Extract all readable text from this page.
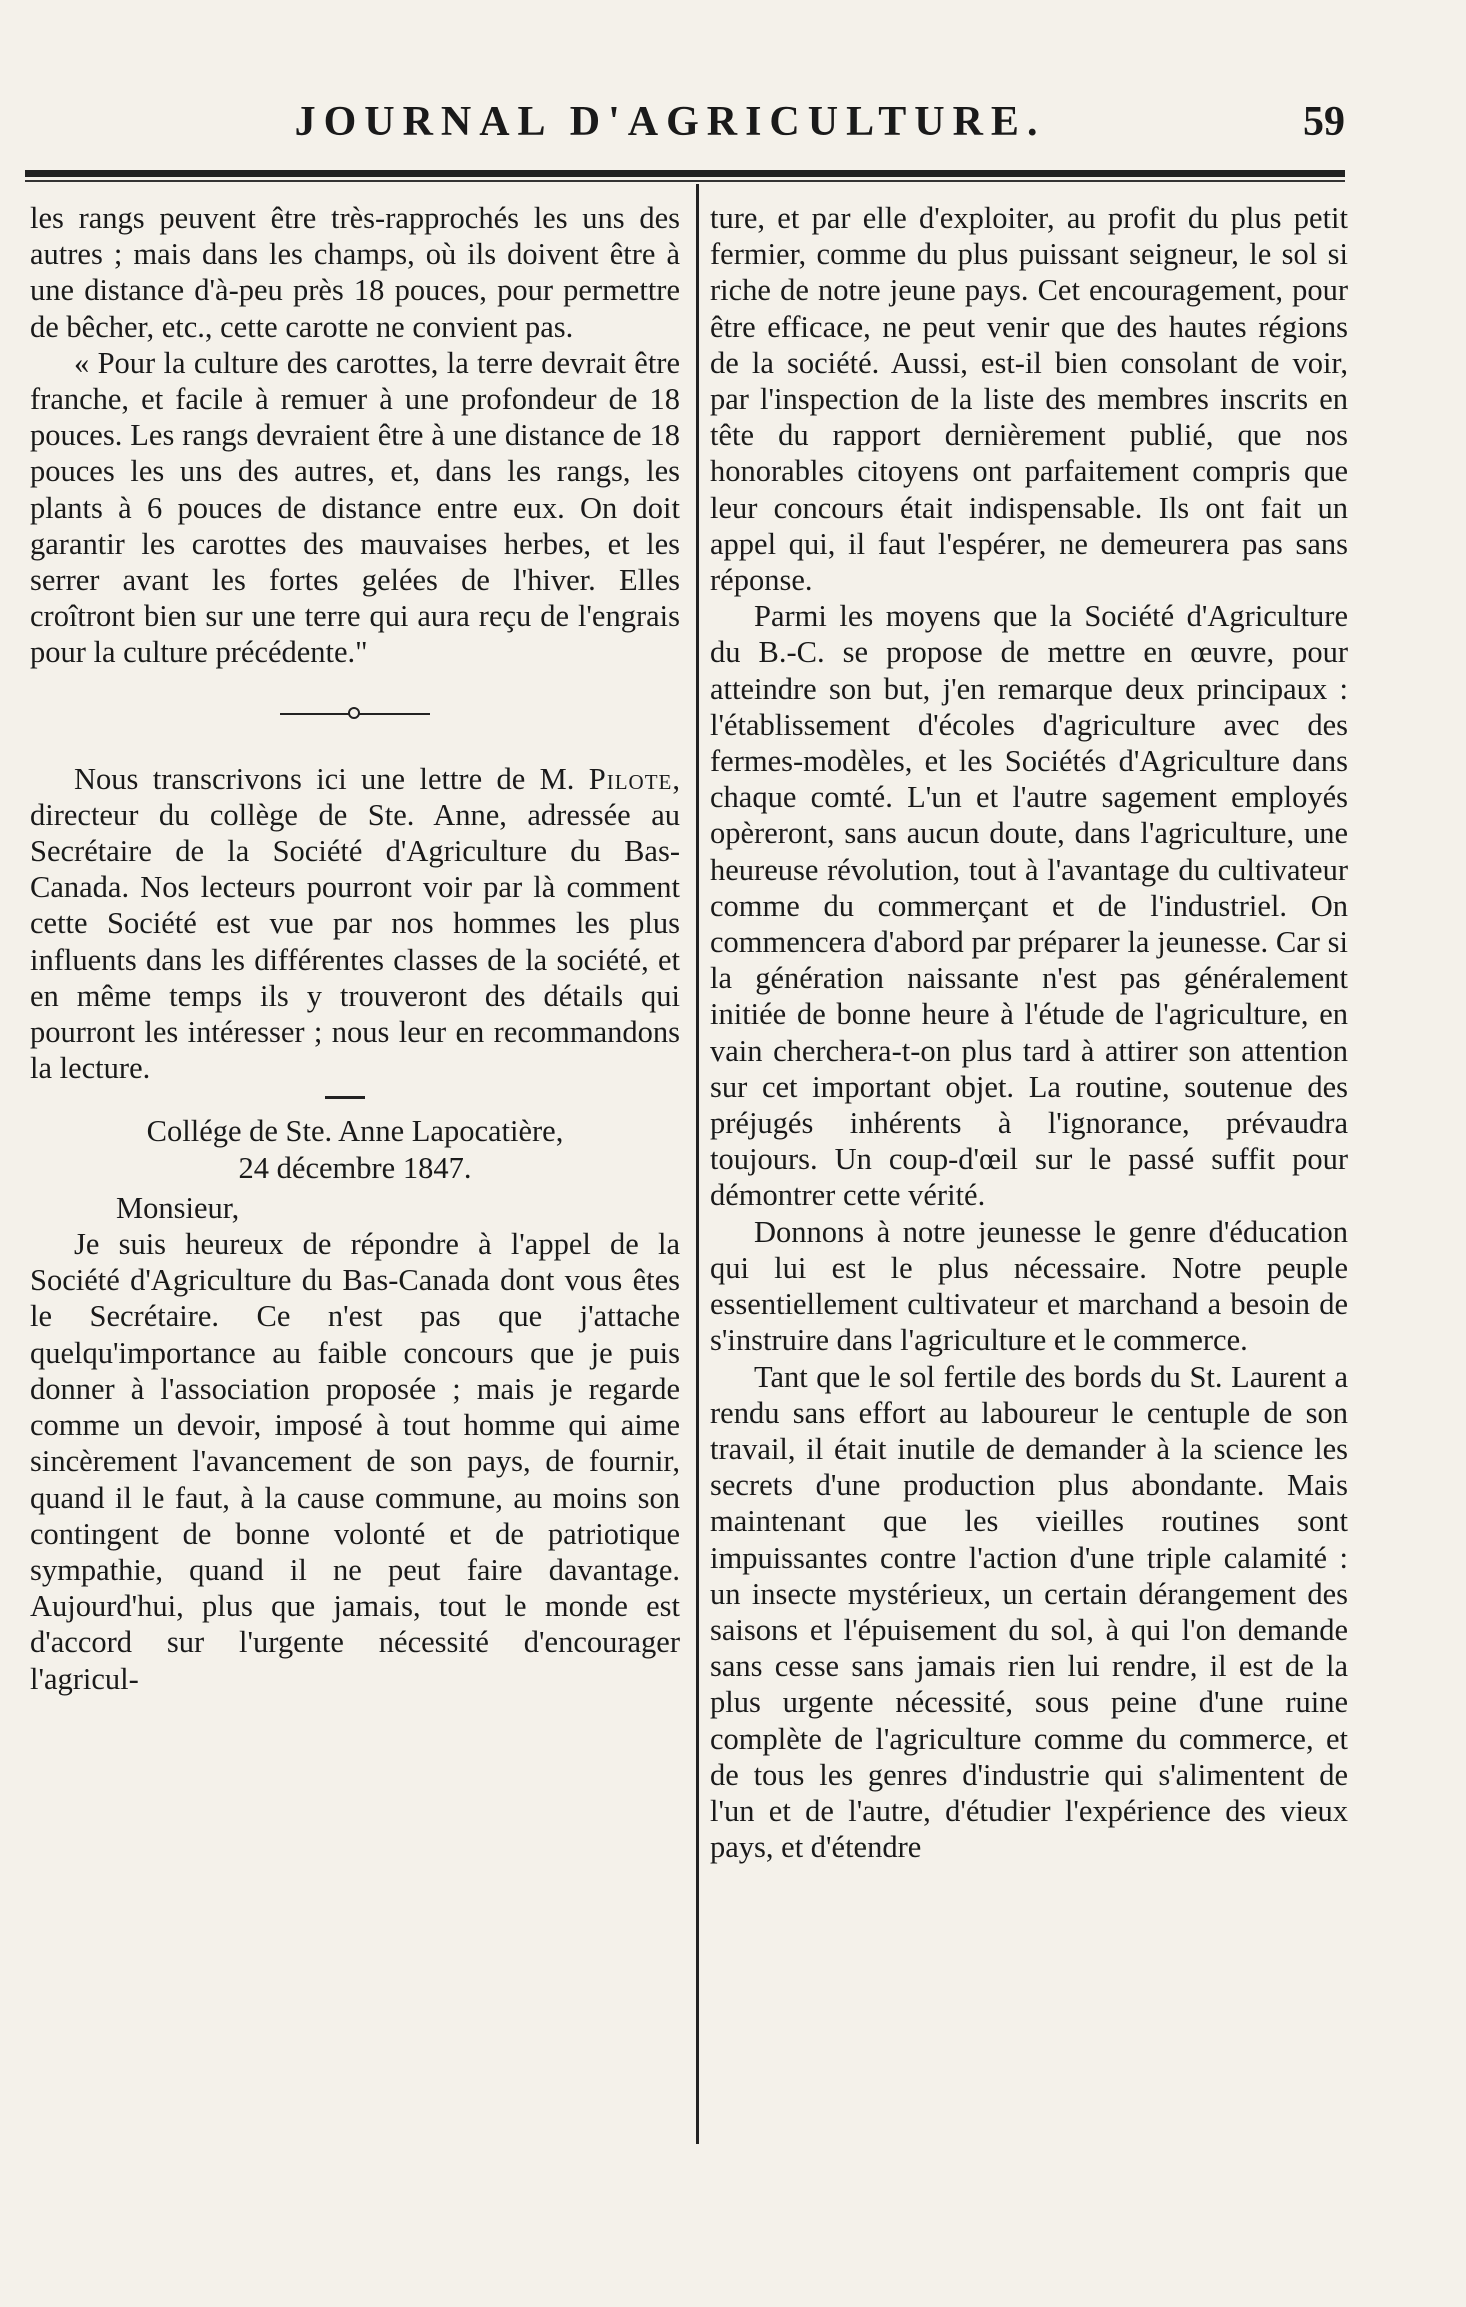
JOURNAL D'AGRICULTURE.	59

les rangs peuvent être très-rapprochés les uns des autres ; mais dans les champs, où ils doivent être à une distance d'à-peu près 18 pouces, pour permettre de bêcher, etc., cette carotte ne convient pas.

« Pour la culture des carottes, la terre devrait être franche, et facile à remuer à une profondeur de 18 pouces. Les rangs devraient être à une distance de 18 pouces les uns des autres, et, dans les rangs, les plants à 6 pouces de distance entre eux. On doit garantir les carottes des mauvaises herbes, et les serrer avant les fortes gelées de l'hiver. Elles croîtront bien sur une terre qui aura reçu de l'engrais pour la culture précédente."

Nous transcrivons ici une lettre de M. Pilote, directeur du collège de Ste. Anne, adressée au Secrétaire de la Société d'Agriculture du Bas-Canada. Nos lecteurs pourront voir par là comment cette Société est vue par nos hommes les plus influents dans les différentes classes de la société, et en même temps ils y trouveront des détails qui pourront les intéresser ; nous leur en recommandons la lecture.

Collége de Ste. Anne Lapocatière,

24 décembre 1847.

Monsieur,

Je suis heureux de répondre à l'appel de la Société d'Agriculture du Bas-Canada dont vous êtes le Secrétaire. Ce n'est pas que j'attache quelqu'importance au faible concours que je puis donner à l'association proposée ; mais je regarde comme un devoir, imposé à tout homme qui aime sincèrement l'avancement de son pays, de fournir, quand il le faut, à la cause commune, au moins son contingent de bonne volonté et de patriotique sympathie, quand il ne peut faire davantage. Aujourd'hui, plus que jamais, tout le monde est d'accord sur l'urgente nécessité d'encourager l'agricul-

ture, et par elle d'exploiter, au profit du plus petit fermier, comme du plus puissant seigneur, le sol si riche de notre jeune pays. Cet encouragement, pour être efficace, ne peut venir que des hautes régions de la société. Aussi, est-il bien consolant de voir, par l'inspection de la liste des membres inscrits en tête du rapport dernièrement publié, que nos honorables citoyens ont parfaitement compris que leur concours était indispensable. Ils ont fait un appel qui, il faut l'espérer, ne demeurera pas sans réponse.

Parmi les moyens que la Société d'Agriculture du B.-C. se propose de mettre en œuvre, pour atteindre son but, j'en remarque deux principaux : l'établissement d'écoles d'agriculture avec des fermes-modèles, et les Sociétés d'Agriculture dans chaque comté. L'un et l'autre sagement employés opèreront, sans aucun doute, dans l'agriculture, une heureuse révolution, tout à l'avantage du cultivateur comme du commerçant et de l'industriel. On commencera d'abord par préparer la jeunesse. Car si la génération naissante n'est pas généralement initiée de bonne heure à l'étude de l'agriculture, en vain cherchera-t-on plus tard à attirer son attention sur cet important objet. La routine, soutenue des préjugés inhérents à l'ignorance, prévaudra toujours. Un coup-d'œil sur le passé suffit pour démontrer cette vérité.

Donnons à notre jeunesse le genre d'éducation qui lui est le plus nécessaire. Notre peuple essentiellement cultivateur et marchand a besoin de s'instruire dans l'agriculture et le commerce.

Tant que le sol fertile des bords du St. Laurent a rendu sans effort au laboureur le centuple de son travail, il était inutile de demander à la science les secrets d'une production plus abondante. Mais maintenant que les vieilles routines sont impuissantes contre l'action d'une triple calamité : un insecte mystérieux, un certain dérangement des saisons et l'épuisement du sol, à qui l'on demande sans cesse sans jamais rien lui rendre, il est de la plus urgente nécessité, sous peine d'une ruine complète de l'agriculture comme du commerce, et de tous les genres d'industrie qui s'alimentent de l'un et de l'autre, d'étudier l'expérience des vieux pays, et d'étendre
